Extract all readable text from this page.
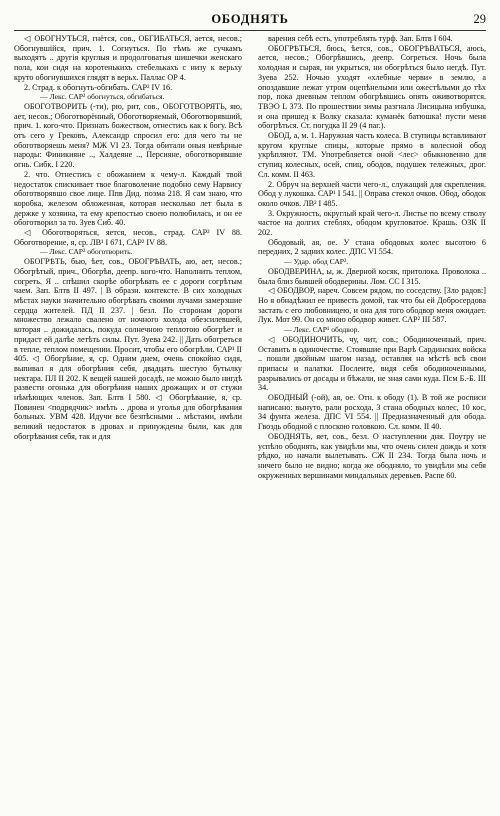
ОБОДНЯТЬ	29

◁ ОБОГНУТЬСЯ, гнётся, сов., ОБГИБАТЬСЯ, ается, несов.; Обогнувшійся, прич. 1. Согнуться. По тѣмъ же сучкамъ выходятъ .. другія круглыя и продолговатыя шишечки женскаго пола, кои сидя на коротенькихъ стебелькахъ с низу к верьху круто обогнувшихся глядят в верьх. Паллас ОР 4.

2. Страд. к обогнуть-обгибать. САР² IV 16.

— Лекс. САР² обогнуться, обгибаться.

ОБОГОТВОРИТЬ (-ти), рю, рит, сов., ОБОГОТВОРЯТЬ, яю, ает, несов.; Обоготворённый, Обоготворяемый, Обоготворявший, прич. 1. кого-что. Признать божеством, отнестись как к богу. Всѣ отъ сего у Грековъ, Александр спросил его: для чего ты не обоготворяешь меня? МЖ VI 23. Тогда обитали оныя невѣрные народы: Финикияне .., Халдеяне .., Персияне, обоготворявшие огнь. Сибк. I 220.

2. что. Отнестись с обожанием к чему-л. Каждый твой недостаток спискивает твое благоволение подобно сему Нарвису обоготворявшo свое лице. Ппв Дид. поэма 218. Я сам знаю, что коробка, железом обложенная, которая несколько лет была в держке у хозяина, та ему крепостью своею полюбилась, и он ее обоготворил за то. Зуев Сиб. 40.

◁ Обоготворяться, яется, несов., страд. САР² IV 88. Обоготворение, я, ср. ЛВ¹ I 671, САР² IV 88.

— Лекс. САР² обоготворить.

ОБОГРѢТЬ, бью, ѣет, сов., ОБОГРѢВАТЬ, аю, ает, несов.; Обогрѣтый, прич., Обогрѣв, деепр. кого-что. Наполнить теплом, согреть. Я .. спѣшил скорѣе обогрѣвать ее с дороги согрѣтым чаем. Зап. Блтв II 497. | В образн. контексте. В сих холодных мѣстах науки значительно обогрѣвать своими лучами замерзшие сердца жителей. ПД II 237. | безл. По сторонам дороги множество лежало свалено от ночного холода обезсилевшей, которая .. дожидалась, покуда солнечною теплотою обогрѣет и придаст ей далѣе летѣть силы. Пут. Зуева 242. || Дать обогреться в тепле, теплом помещении. Просит, чтобы его обогрѣли. САР¹ II 405. ◁ Обогрѣние, я, ср. Одним днем, очень спокойно сидя, выпивал я для обогрѣния себя, двадцать шестую бутылку нектара. ПЛ II 202. К вещей нашей досадѣ, не можно было нигдѣ развести огонька для обогрѣния наших дрожащих и от стужи нѣмѣющих членов. Зап. Блтв I 580. ◁ Обогрѣвание, я, ср. Повинен <подрядчик> имѣть .. дрова и уголья для обогрѣвания больных. УВМ 428. Идучи все безпѣсными .. мѣстами, имѣли великий недостаток в дровах и принуждены были, как для обогрѣвания себя, так и для

варения себѣ есть, употреблять турф. Зап. Блтв I 604.

ОБОГРѢТЬСЯ, бюсь, ѣется, сов., ОБОГРѢВАТЬСЯ, аюсь, ается, несов.; Обогрѣвшись, деепр. Согреться. Ночь была холодная и сырая, ни укрыться, ни обогрѣться было негдѣ. Пут. Зуева 252. Ночью уходят «хлебные черви» в землю, а опоздавшие лежат утром оцепѣнелыми или ожестѣлыми до тѣх пор, пока дневным теплом обогрѣвшись опять оживотворятся. ТВЭО L 373. По прошествии зимы разгналa Лисицына избушка, и она пришед к Волку сказала: куманёк батюшка! пусти меня обогрѣться. Ст. погудка II 29 (4 паг.).

ОБОД, а, м. 1. Наружная часть колеса. В ступицы вставливают кругом круглые спицы, которые прямо в колесной обод укрѣпляют. ТМ. Употребляется оной <лес> обыкновенно для ступиц колесных, осей, спиц, ободов, подушек тележных, дрог. Сл. комм. II 463.

2. Обруч на верхней части чего-л., служащий для скрепления. Обод у лукошка. САР¹ I 541. || Оправа стекол очков. Обод, ободок около очков. ЛВ² I 485.

3. Окружность, округлый край чего-л. Листье по всему стволу частое на долгих стеблях, ободом кругловатое. Крашь. ОЗК II 202.

Ободовый, ая, ое. У стана ободовых колес высотою 6 передних, 2 задних колес. ДПС VI 554.

— Удар. обод САР².

ОБОДВЕРИНА, ы, ж. Дверной косяк, притолока. Проволока .. была близ бывшей ободверины. Лом. СС I 315.

◁ ОБОДВОР, нареч. Совсем рядом, по соседству. [Зло радов:] Но я обнадѣжил ее привесть домой, так что бы ей Добросердова застать с его любовницею, и она для того ободвор меня ожидает. Лук. Мот 99. Он со мною ободвор живет. САР² III 587.

— Лекс. САР¹ ободвор.

◁ ОБОДИНОЧИТЬ, чу, чит, сов.; Ободиноченный, прич. Оставить в одиночестве. Стоявшие при Варѣ Сардинских войска .. пошли двойным шагом назад, оставляя на мѣстѣ всѣ свои припасы и палатки. Послеите, видя себя ободиноченными, разрывались от досады и бѣжали, не зная сами куда. Псм Б.-Б. III 34.

ОБОДНЫЙ (-ой), ая, ое. Отн. к ободу (1). В той же росписи написано: вынуто, рали росхода, 3 стана ободных колес, 10 кос, 34 фунта железа. ДПС VI 554. || Предназначенный для обода. Гвоздь ободной с плоскою головкою. Сл. комм. II 40.

ОБОДНЯТЬ, яет, сов., безл. О наступлении дня. Поутру не успѣло ободнять, как увидѣли мы, что очень силен дождь и хотя рѣдко, но начали вылетывать. СЖ II 234. Тогда была ночь и ничего было не видно; когда же ободняло, то увидѣли мы себя окруженных вершинами миндальных деревьев. Распе 60.
